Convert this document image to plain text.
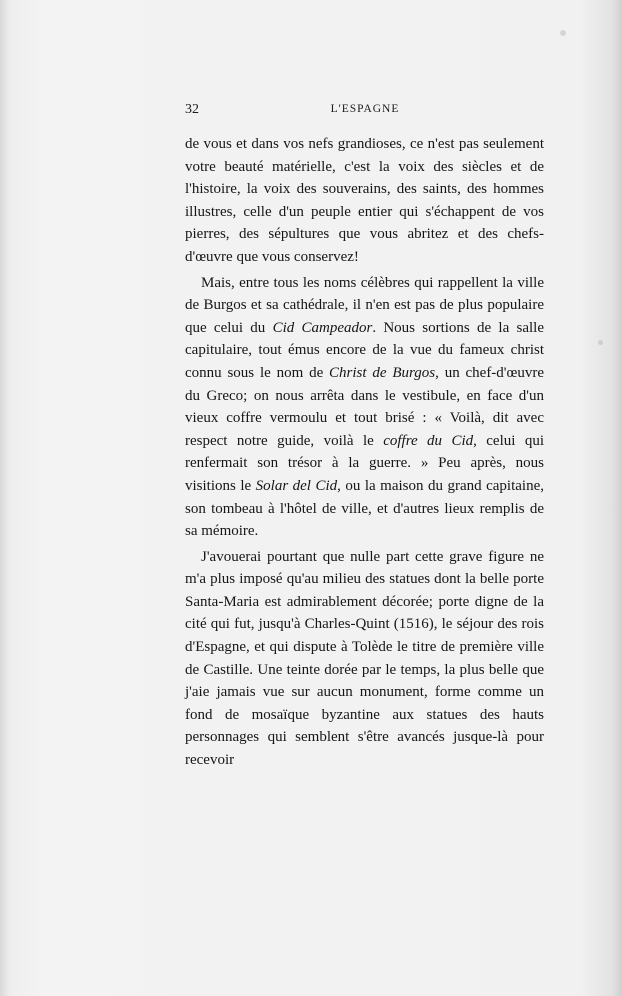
32	L'ESPAGNE

de vous et dans vos nefs grandioses, ce n'est pas seulement votre beauté matérielle, c'est la voix des siècles et de l'histoire, la voix des souverains, des saints, des hommes illustres, celle d'un peuple entier qui s'échappent de vos pierres, des sépultures que vous abritez et des chefs-d'œuvre que vous conservez!

Mais, entre tous les noms célèbres qui rappellent la ville de Burgos et sa cathédrale, il n'en est pas de plus populaire que celui du Cid Campeador. Nous sortions de la salle capitulaire, tout émus encore de la vue du fameux christ connu sous le nom de Christ de Burgos, un chef-d'œuvre du Greco; on nous arrêta dans le vestibule, en face d'un vieux coffre vermoulu et tout brisé : « Voilà, dit avec respect notre guide, voilà le coffre du Cid, celui qui renfermait son trésor à la guerre. » Peu après, nous visitions le Solar del Cid, ou la maison du grand capitaine, son tombeau à l'hôtel de ville, et d'autres lieux remplis de sa mémoire.

J'avouerai pourtant que nulle part cette grave figure ne m'a plus imposé qu'au milieu des statues dont la belle porte Santa-Maria est admirablement décorée; porte digne de la cité qui fut, jusqu'à Charles-Quint (1516), le séjour des rois d'Espagne, et qui dispute à Tolède le titre de première ville de Castille. Une teinte dorée par le temps, la plus belle que j'aie jamais vue sur aucun monument, forme comme un fond de mosaïque byzantine aux statues des hauts personnages qui semblent s'être avancés jusque-là pour recevoir
